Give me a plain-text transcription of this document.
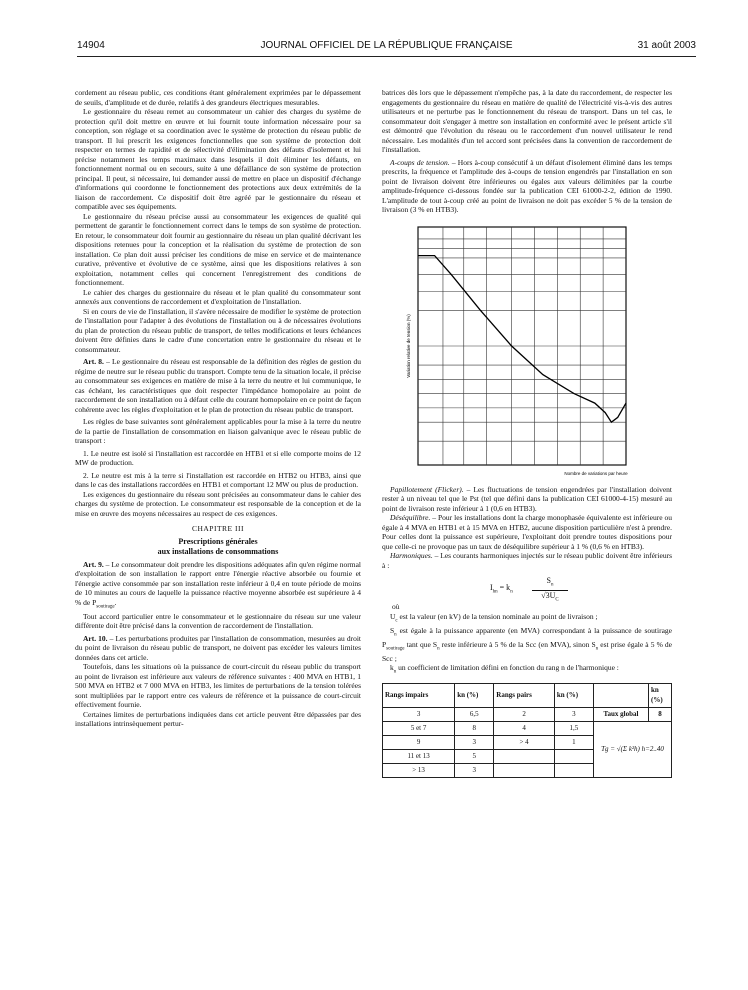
14904	JOURNAL OFFICIEL DE LA RÉPUBLIQUE FRANÇAISE	31 août 2003

cordement au réseau public, ces conditions étant généralement exprimées par le dépassement de seuils, d'amplitude et de durée, relatifs à des grandeurs électriques mesurables.

Le gestionnaire du réseau remet au consommateur un cahier des charges du système de protection qu'il doit mettre en œuvre et lui fournit toute information nécessaire pour sa conception, son réglage et sa coordination avec le système de protection du réseau public de transport. Il lui prescrit les exigences fonctionnelles que son système de protection doit respecter en termes de rapidité et de sélectivité d'élimination des défauts d'isolement et lui précise notamment les temps maximaux dans lesquels il doit éliminer les défauts, en fonctionnement normal ou en secours, suite à une défaillance de son système de protection principal. Il peut, si nécessaire, lui demander aussi de mettre en place un dispositif d'échange d'informations qui coordonne le fonctionnement des protections aux deux extrémités de la liaison de raccordement. Ce dispositif doit être agréé par le gestionnaire du réseau et compatible avec ses équipements.

Le gestionnaire du réseau précise aussi au consommateur les exigences de qualité qui permettent de garantir le fonctionnement correct dans le temps de son système de protection. En retour, le consommateur doit fournir au gestionnaire du réseau un plan qualité décrivant les dispositions retenues pour la conception et la réalisation du système de protection de son installation. Ce plan doit aussi préciser les conditions de mise en service et de maintenance curative, préventive et évolutive de ce système, ainsi que les dispositions relatives à son exploitation, notamment celles qui concernent l'enregistrement des conditions de fonctionnement.

Le cahier des charges du gestionnaire du réseau et le plan qualité du consommateur sont annexés aux conventions de raccordement et d'exploitation de l'installation.

Si en cours de vie de l'installation, il s'avère nécessaire de modifier le système de protection de l'installation pour l'adapter à des évolutions de l'installation ou à de nécessaires évolutions du plan de protection du réseau public de transport, de telles modifications et leurs échéances doivent être définies dans le cadre d'une concertation entre le gestionnaire du réseau et le consommateur.

Art. 8. – Le gestionnaire du réseau est responsable de la définition des règles de gestion du régime de neutre sur le réseau public du transport. Compte tenu de la situation locale, il précise au consommateur ses exigences en matière de mise à la terre du neutre et lui communique, le cas échéant, les caractéristiques que doit respecter l'impédance homopolaire au point de raccordement de son installation ou à défaut celle du courant homopolaire en ce point de façon cohérente avec les règles d'exploitation et le plan de protection du réseau public de transport.

Les règles de base suivantes sont généralement applicables pour la mise à la terre du neutre de la partie de l'installation de consommation en liaison galvanique avec le réseau public de transport :

1. Le neutre est isolé si l'installation est raccordée en HTB1 et si elle comporte moins de 12 MW de production.

2. Le neutre est mis à la terre si l'installation est raccordée en HTB2 ou HTB3, ainsi que dans le cas des installations raccordées en HTB1 et comportant 12 MW ou plus de production.

Les exigences du gestionnaire du réseau sont précisées au consommateur dans le cahier des charges du système de protection. Le consommateur est responsable de la conception et de la mise en œuvre des moyens nécessaires au respect de ces exigences.

CHAPITRE III
Prescriptions générales
aux installations de consommations

Art. 9. – Le consommateur doit prendre les dispositions adéquates afin qu'en régime normal d'exploitation de son installation le rapport entre l'énergie réactive absorbée ou fournie et l'énergie active consommée par son installation reste inférieur à 0,4 en toute période de moins de 10 minutes au cours de laquelle la puissance réactive moyenne absorbée est supérieure à 4 % de $P_{soutirage}$.

Tout accord particulier entre le consommateur et le gestionnaire du réseau sur une valeur différente doit être précisé dans la convention de raccordement de l'installation.

Art. 10. – Les perturbations produites par l'installation de consommation, mesurées au droit du point de livraison du réseau public de transport, ne doivent pas excéder les valeurs limites données dans cet article.

Toutefois, dans les situations où la puissance de court-circuit du réseau public du transport au point de livraison est inférieure aux valeurs de référence suivantes : 400 MVA en HTB1, 1 500 MVA en HTB2 et 7 000 MVA en HTB3, les limites de perturbations de la tension tolérées sont multipliées par le rapport entre ces valeurs de référence et la puissance de court-circuit effectivement fournie.

Certaines limites de perturbations indiquées dans cet article peuvent être dépassées par des installations intrinsèquement pertur-

batrices dès lors que le dépassement n'empêche pas, à la date du raccordement, de respecter les engagements du gestionnaire du réseau en matière de qualité de l'électricité vis-à-vis des autres utilisateurs et ne perturbe pas le fonctionnement du réseau de transport. Dans un tel cas, le consommateur doit s'engager à mettre son installation en conformité avec le présent article s'il est démontré que l'évolution du réseau ou le raccordement d'un nouvel utilisateur le rend nécessaire. Les modalités d'un tel accord sont précisées dans la convention de raccordement de l'installation.

A-coups de tension. – Hors à-coup consécutif à un défaut d'isolement éliminé dans les temps prescrits, la fréquence et l'amplitude des à-coups de tension engendrés par l'installation en son point de livraison doivent être inférieures ou égales aux valeurs délimitées par la courbe amplitude-fréquence ci-dessous fondée sur la publication CEI 61000-2-2, édition de 1990. L'amplitude de tout à-coup créé au point de livraison ne doit pas excéder 5 % de la tension de livraison (3 % en HTB3).

Variation relative de tension (%)
Nombre de variations par heure

Papillotement (Flicker). – Les fluctuations de tension engendrées par l'installation doivent rester à un niveau tel que le Pst (tel que défini dans la publication CEI 61000-4-15) mesuré au point de livraison reste inférieur à 1 (0,6 en HTB3).

Déséquilibre. – Pour les installations dont la charge monophasée équivalente est inférieure ou égale à 4 MVA en HTB1 et à 15 MVA en HTB2, aucune disposition particulière n'est à prendre. Pour celles dont la puissance est supérieure, l'exploitant doit prendre toutes dispositions pour que celle-ci ne provoque pas un taux de déséquilibre supérieur à 1 % (0,6 % en HTB3).

Harmoniques. – Les courants harmoniques injectés sur le réseau public doivent être inférieurs à :

$I_{hn} = k_n \frac{S_n}{√3U_C}$

où

$U_c$ est la valeur (en kV) de la tension nominale au point de livraison ;

$S_n$ est égale à la puissance apparente (en MVA) correspondant à la puissance de soutirage $P_{soutirage}$ tant que $S_n$ reste inférieure à 5 % de la Scc (en MVA), sinon $S_n$ est prise égale à 5 % de Scc ;

$k_n$ un coefficient de limitation défini en fonction du rang n de l'harmonique :

Rangs impairs	kn (%)	Rangs pairs	kn (%)		kn (%)
3	6,5	2	3	Taux global	8
5 et 7	8	4	1,5	Tg = √(Σ k²h) h=2..40	
9	3	> 4	1		
11 et 13	5				
> 13	3				
